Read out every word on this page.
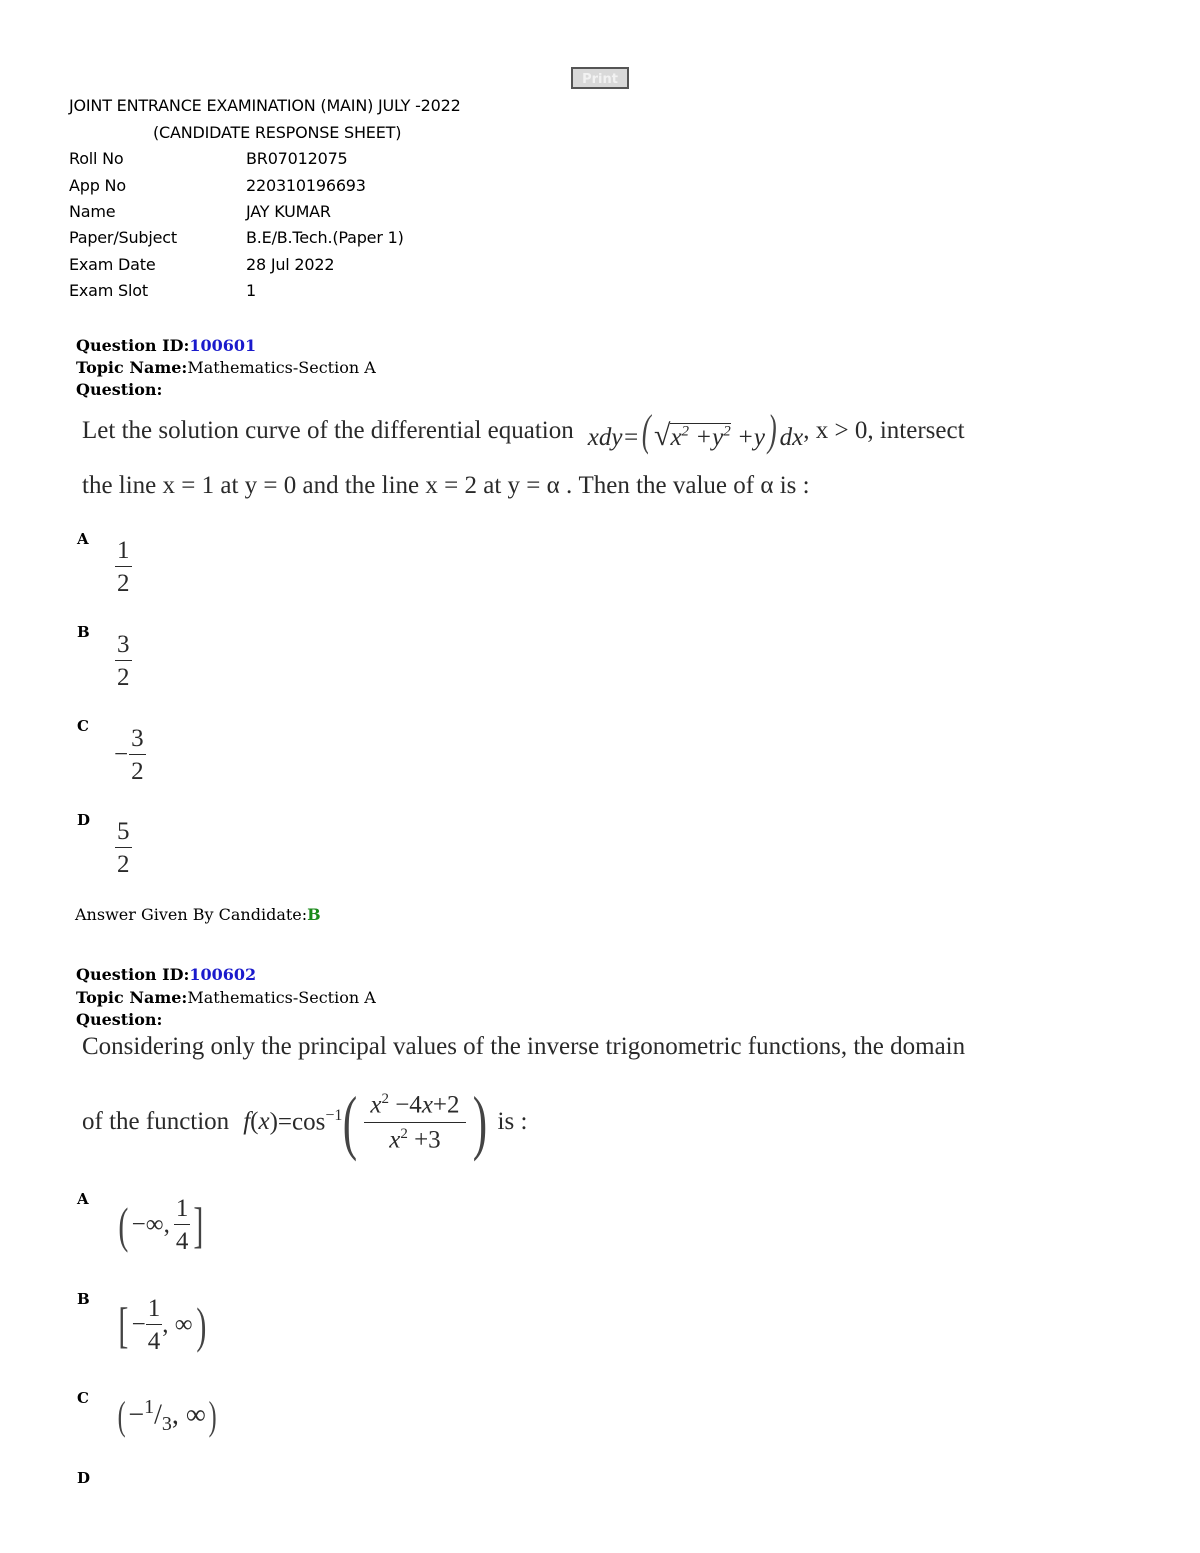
Print
JOINT ENTRANCE EXAMINATION (MAIN) JULY -2022
(CANDIDATE RESPONSE SHEET)
Roll No	BR07012075
App No	220310196693
Name	JAY KUMAR
Paper/Subject	B.E/B.Tech.(Paper 1)
Exam Date	28 Jul 2022
Exam Slot	1
Question ID:100601
Topic Name:Mathematics-Section A
Question:
Let the solution curve of the differential equation $xdy=(√x^2 +y^2 +y)$ dx , x > 0, intersect
the line x = 1 at y = 0 and the line x = 2 at y = α . Then the value of α is :
A $\frac{1}{2}$
B $\frac{3}{2}$
C
− $\frac{3}{2}$
D $\frac{5}{2}$
Answer Given By Candidate:B
Question ID:100602
Topic Name:Mathematics-Section A
Question:
Considering only the principal values of the inverse trigonometric functions, the domain
of the function f ( x )$=\cos^{-1}$ ( $\frac{x^2 -4x+2}{x^2 +3}$ ) is :
A ( −∞, $\frac{1}{4}$ ]
B [ − $\frac{1}{4}$ , ∞ )
C ( $-^1/_3$, ∞ )
D
